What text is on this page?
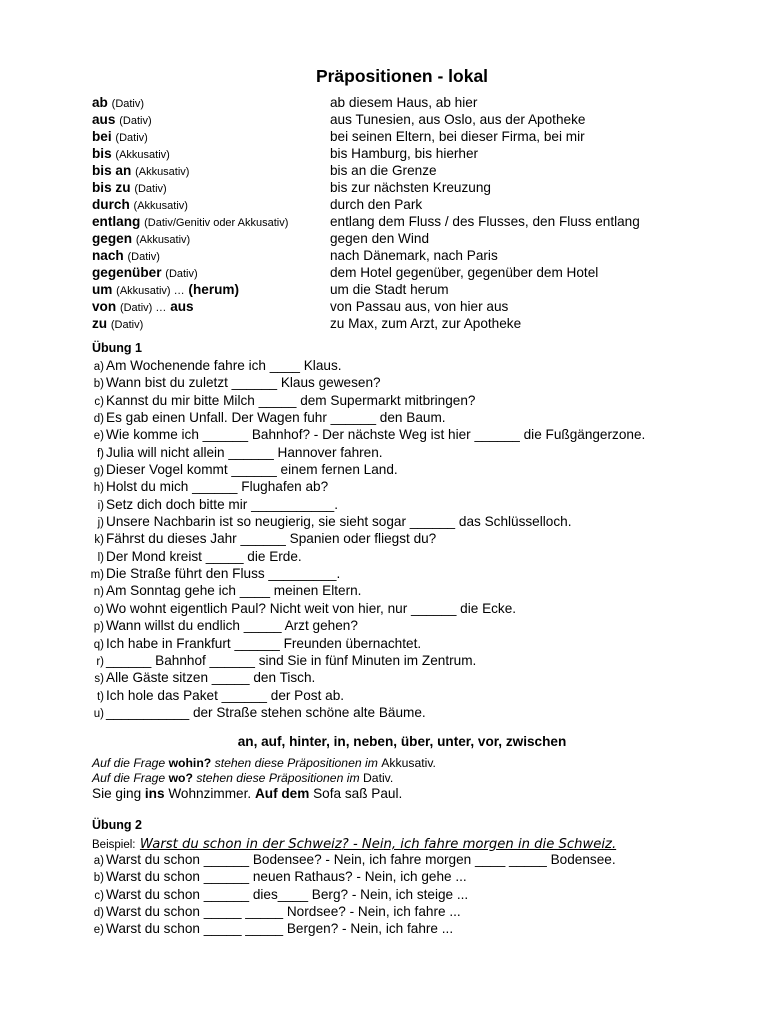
Präpositionen - lokal
ab (Dativ)	ab diesem Haus, ab hier
aus (Dativ)	aus Tunesien, aus Oslo, aus der Apotheke
bei (Dativ)	bei seinen Eltern, bei dieser Firma, bei mir
bis (Akkusativ)	bis Hamburg, bis hierher
bis an (Akkusativ)	bis an die Grenze
bis zu (Dativ)	bis zur nächsten Kreuzung
durch (Akkusativ)	durch den Park
entlang (Dativ/Genitiv oder Akkusativ)	entlang dem Fluss / des Flusses, den Fluss entlang
gegen (Akkusativ)	gegen den Wind
nach (Dativ)	nach Dänemark, nach Paris
gegenüber (Dativ)	dem Hotel gegenüber, gegenüber dem Hotel
um (Akkusativ) … (herum)	um die Stadt herum
von (Dativ) … aus	von Passau aus, von hier aus
zu (Dativ)	zu Max, zum Arzt, zur Apotheke
Übung 1
a) Am Wochenende fahre ich ____ Klaus.
b) Wann bist du zuletzt ______ Klaus gewesen?
c) Kannst du mir bitte Milch _____ dem Supermarkt mitbringen?
d) Es gab einen Unfall. Der Wagen fuhr ______ den Baum.
e) Wie komme ich ______ Bahnhof? - Der nächste Weg ist hier ______ die Fußgängerzone.
f) Julia will nicht allein ______ Hannover fahren.
g) Dieser Vogel kommt ______ einem fernen Land.
h) Holst du mich ______ Flughafen ab?
i) Setz dich doch bitte mir ___________.
j) Unsere Nachbarin ist so neugierig, sie sieht sogar ______ das Schlüsselloch.
k) Fährst du dieses Jahr ______ Spanien oder fliegst du?
l) Der Mond kreist _____ die Erde.
m) Die Straße führt den Fluss _________.
n) Am Sonntag gehe ich ____ meinen Eltern.
o) Wo wohnt eigentlich Paul? Nicht weit von hier, nur ______ die Ecke.
p) Wann willst du endlich _____ Arzt gehen?
q) Ich habe in Frankfurt ______ Freunden übernachtet.
r) ______ Bahnhof ______ sind Sie in fünf Minuten im Zentrum.
s) Alle Gäste sitzen _____ den Tisch.
t) Ich hole das Paket ______ der Post ab.
u) ___________ der Straße stehen schöne alte Bäume.
an, auf, hinter, in, neben, über, unter, vor, zwischen
Auf die Frage wohin? stehen diese Präpositionen im Akkusativ.
Auf die Frage wo? stehen diese Präpositionen im Dativ.
Sie ging ins Wohnzimmer. Auf dem Sofa saß Paul.
Übung 2
Beispiel: Warst du schon in der Schweiz? - Nein, ich fahre morgen in die Schweiz.
a) Warst du schon ______ Bodensee? - Nein, ich fahre morgen ____ _____ Bodensee.
b) Warst du schon ______ neuen Rathaus? - Nein, ich gehe ...
c) Warst du schon ______ dies____ Berg? - Nein, ich steige ...
d) Warst du schon _____ _____ Nordsee? - Nein, ich fahre ...
e) Warst du schon _____ _____ Bergen? - Nein, ich fahre ...
